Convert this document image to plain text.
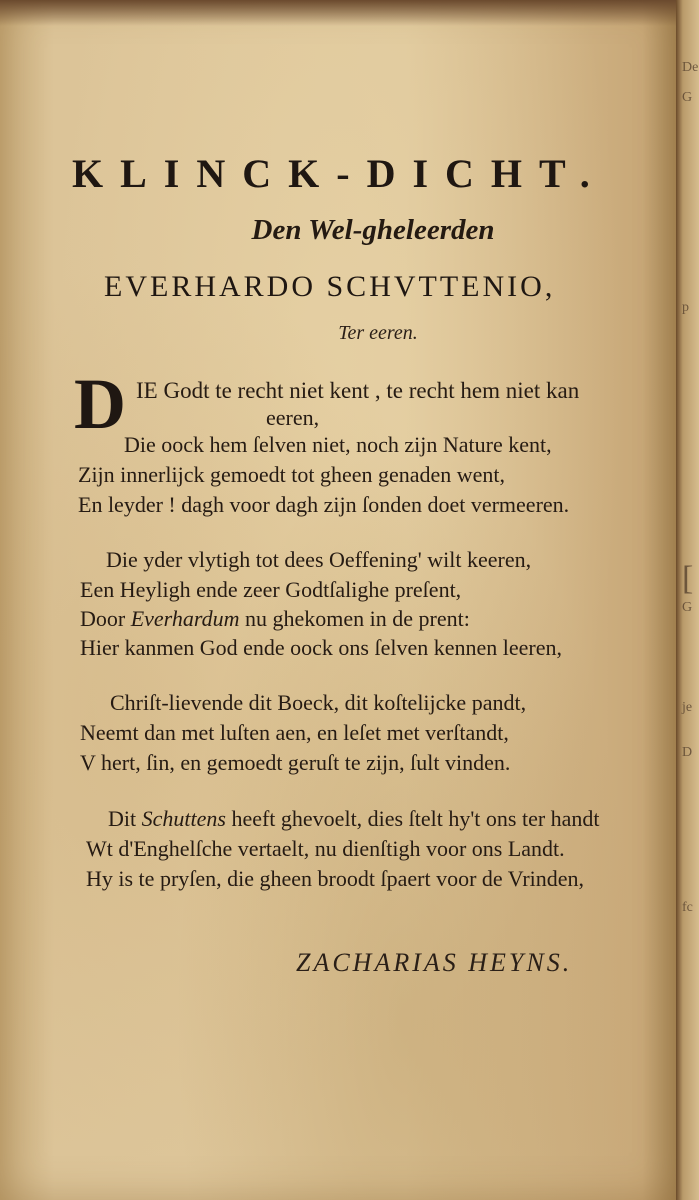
KLINCK-DICHT.
Den Wel-gheleerden
EVERHARDO SCHVTTENIO,
Ter eeren.
D IE Godt te recht niet kent , te recht hem niet kan
eeren,
Die oock hem ſelven niet, noch zijn Nature kent,
Zijn innerlijck gemoedt tot gheen genaden went,
En leyder ! dagh voor dagh zijn ſonden doet vermeeren.
Die yder vlytigh tot dees Oeffening' wilt keeren,
Een Heyligh ende zeer Godtſalighe preſent,
Door Everhardum nu ghekomen in de prent:
Hier kanmen God ende oock ons ſelven kennen leeren,
Chriſt-lievende dit Boeck, dit koſtelijcke pandt,
Neemt dan met luſten aen, en leſet met verſtandt,
V hert, ſin, en gemoedt geruſt te zijn, ſult vinden.
Dit Schuttens heeft ghevoelt, dies ſtelt hy't ons ter handt
Wt d'Enghelſche vertaelt, nu dienſtigh voor ons Landt.
Hy is te pryſen, die gheen broodt ſpaert voor de Vrinden,
ZACHARIAS HEYNS.
De
G
p
[
G
je
D
fc
